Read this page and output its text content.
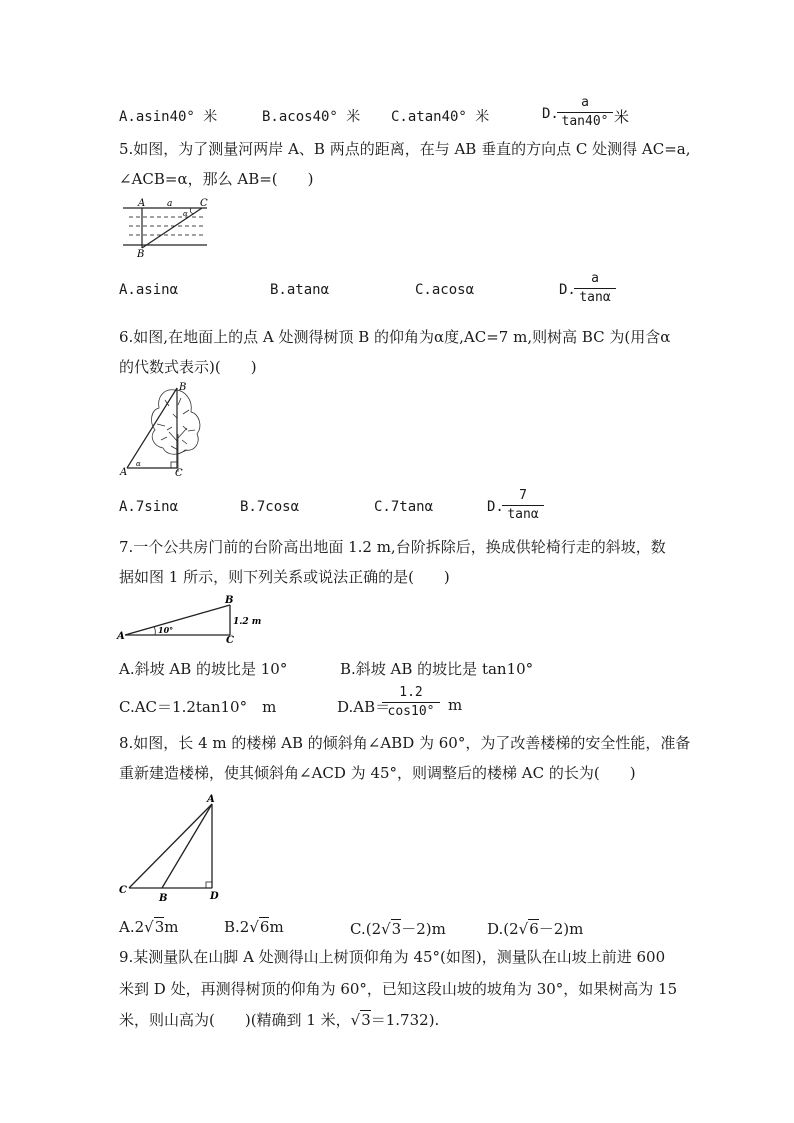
A.asin40° 米	B.acos40° 米 C.atan40° 米	D.
a
tan40° 米
5.如图，为了测量河两岸 A、B 两点的距离，在与 AB 垂直的方向点 C 处测得 AC=a,
∠ACB=α，那么 AB=(　　)
A
B
C
a
α
A.asinα	B.atanα	C.acosα	D.
a
tanα
6.如图,在地面上的点 A 处测得树顶 B 的仰角为α度,AC=7 m,则树高 BC 为(用含α
的代数式表示)(　　)
A
B
C
α
A.7sinα	B.7cosα	C.7tanα	D.
7
tanα
7.一个公共房门前的台阶高出地面 1.2 m,台阶拆除后，换成供轮椅行走的斜坡，数
据如图 1 所示，则下列关系或说法正确的是(　　)
A
B
C
1.2 m
10°
A.斜坡 AB 的坡比是 10°	B.斜坡 AB 的坡比是 tan10°
C.AC＝1.2tan10°　m	D.AB＝
1.2
cos10° m
8.如图，长 4 m 的楼梯 AB 的倾斜角∠ABD 为 60°，为了改善楼梯的安全性能，准备
重新建造楼梯，使其倾斜角∠ACD 为 45°，则调整后的楼梯 AC 的长为(　　)
A
B
C
D
A.2√3m	B.2√6m	C.(2√3－2)m	D.(2√6－2)m
9.某测量队在山脚 A 处测得山上树顶仰角为 45°(如图)，测量队在山坡上前进 600
米到 D 处，再测得树顶的仰角为 60°，已知这段山坡的坡角为 30°，如果树高为 15
米，则山高为(　　)(精确到 1 米，√3＝1.732).
